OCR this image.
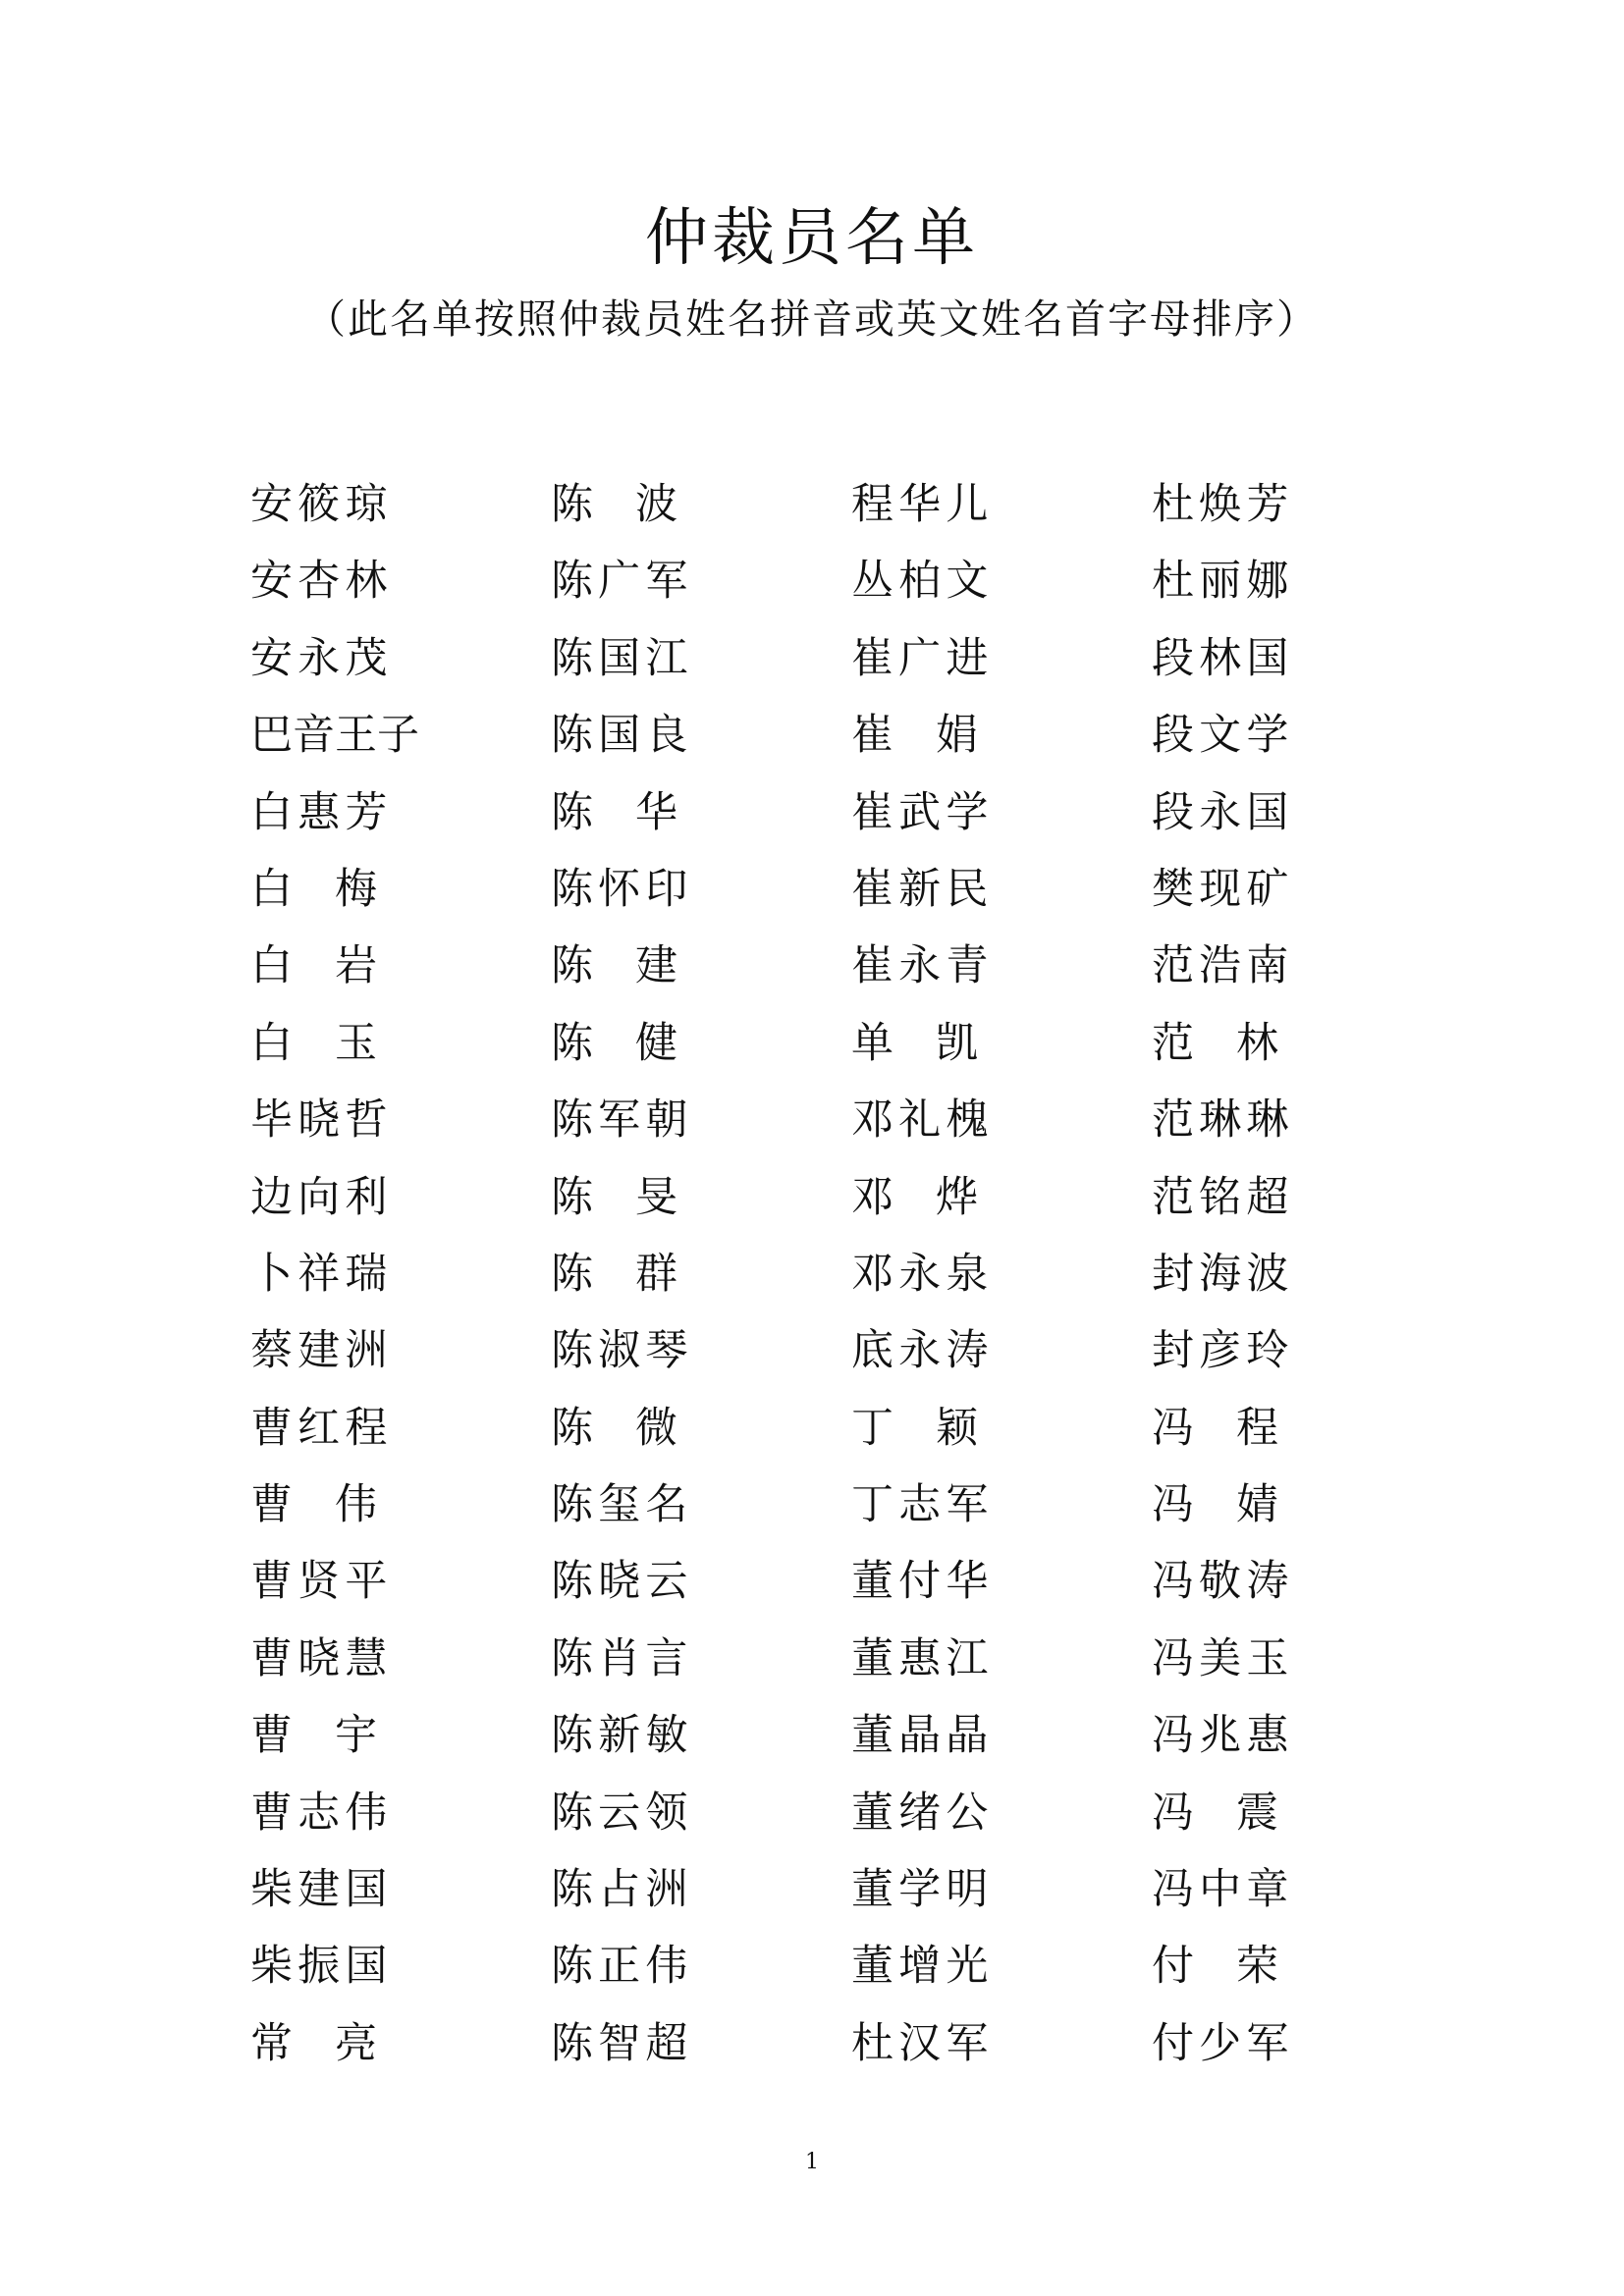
仲裁员名单
（此名单按照仲裁员姓名拼音或英文姓名首字母排序）
安筱琼	陈　波	程华儿	杜焕芳
安杏林	陈广军	丛柏文	杜丽娜
安永茂	陈国江	崔广进	段林国
巴音王子	陈国良	崔　娟	段文学
白惠芳	陈　华	崔武学	段永国
白　梅	陈怀印	崔新民	樊现矿
白　岩	陈　建	崔永青	范浩南
白　玉	陈　健	单　凯	范　林
毕晓哲	陈军朝	邓礼槐	范琳琳
边向利	陈　旻	邓　烨	范铭超
卜祥瑞	陈　群	邓永泉	封海波
蔡建洲	陈淑琴	底永涛	封彦玲
曹红程	陈　微	丁　颖	冯　程
曹　伟	陈玺名	丁志军	冯　婧
曹贤平	陈晓云	董付华	冯敬涛
曹晓慧	陈肖言	董惠江	冯美玉
曹　宇	陈新敏	董晶晶	冯兆惠
曹志伟	陈云领	董绪公	冯　震
柴建国	陈占洲	董学明	冯中章
柴振国	陈正伟	董增光	付　荣
常　亮	陈智超	杜汉军	付少军
1
